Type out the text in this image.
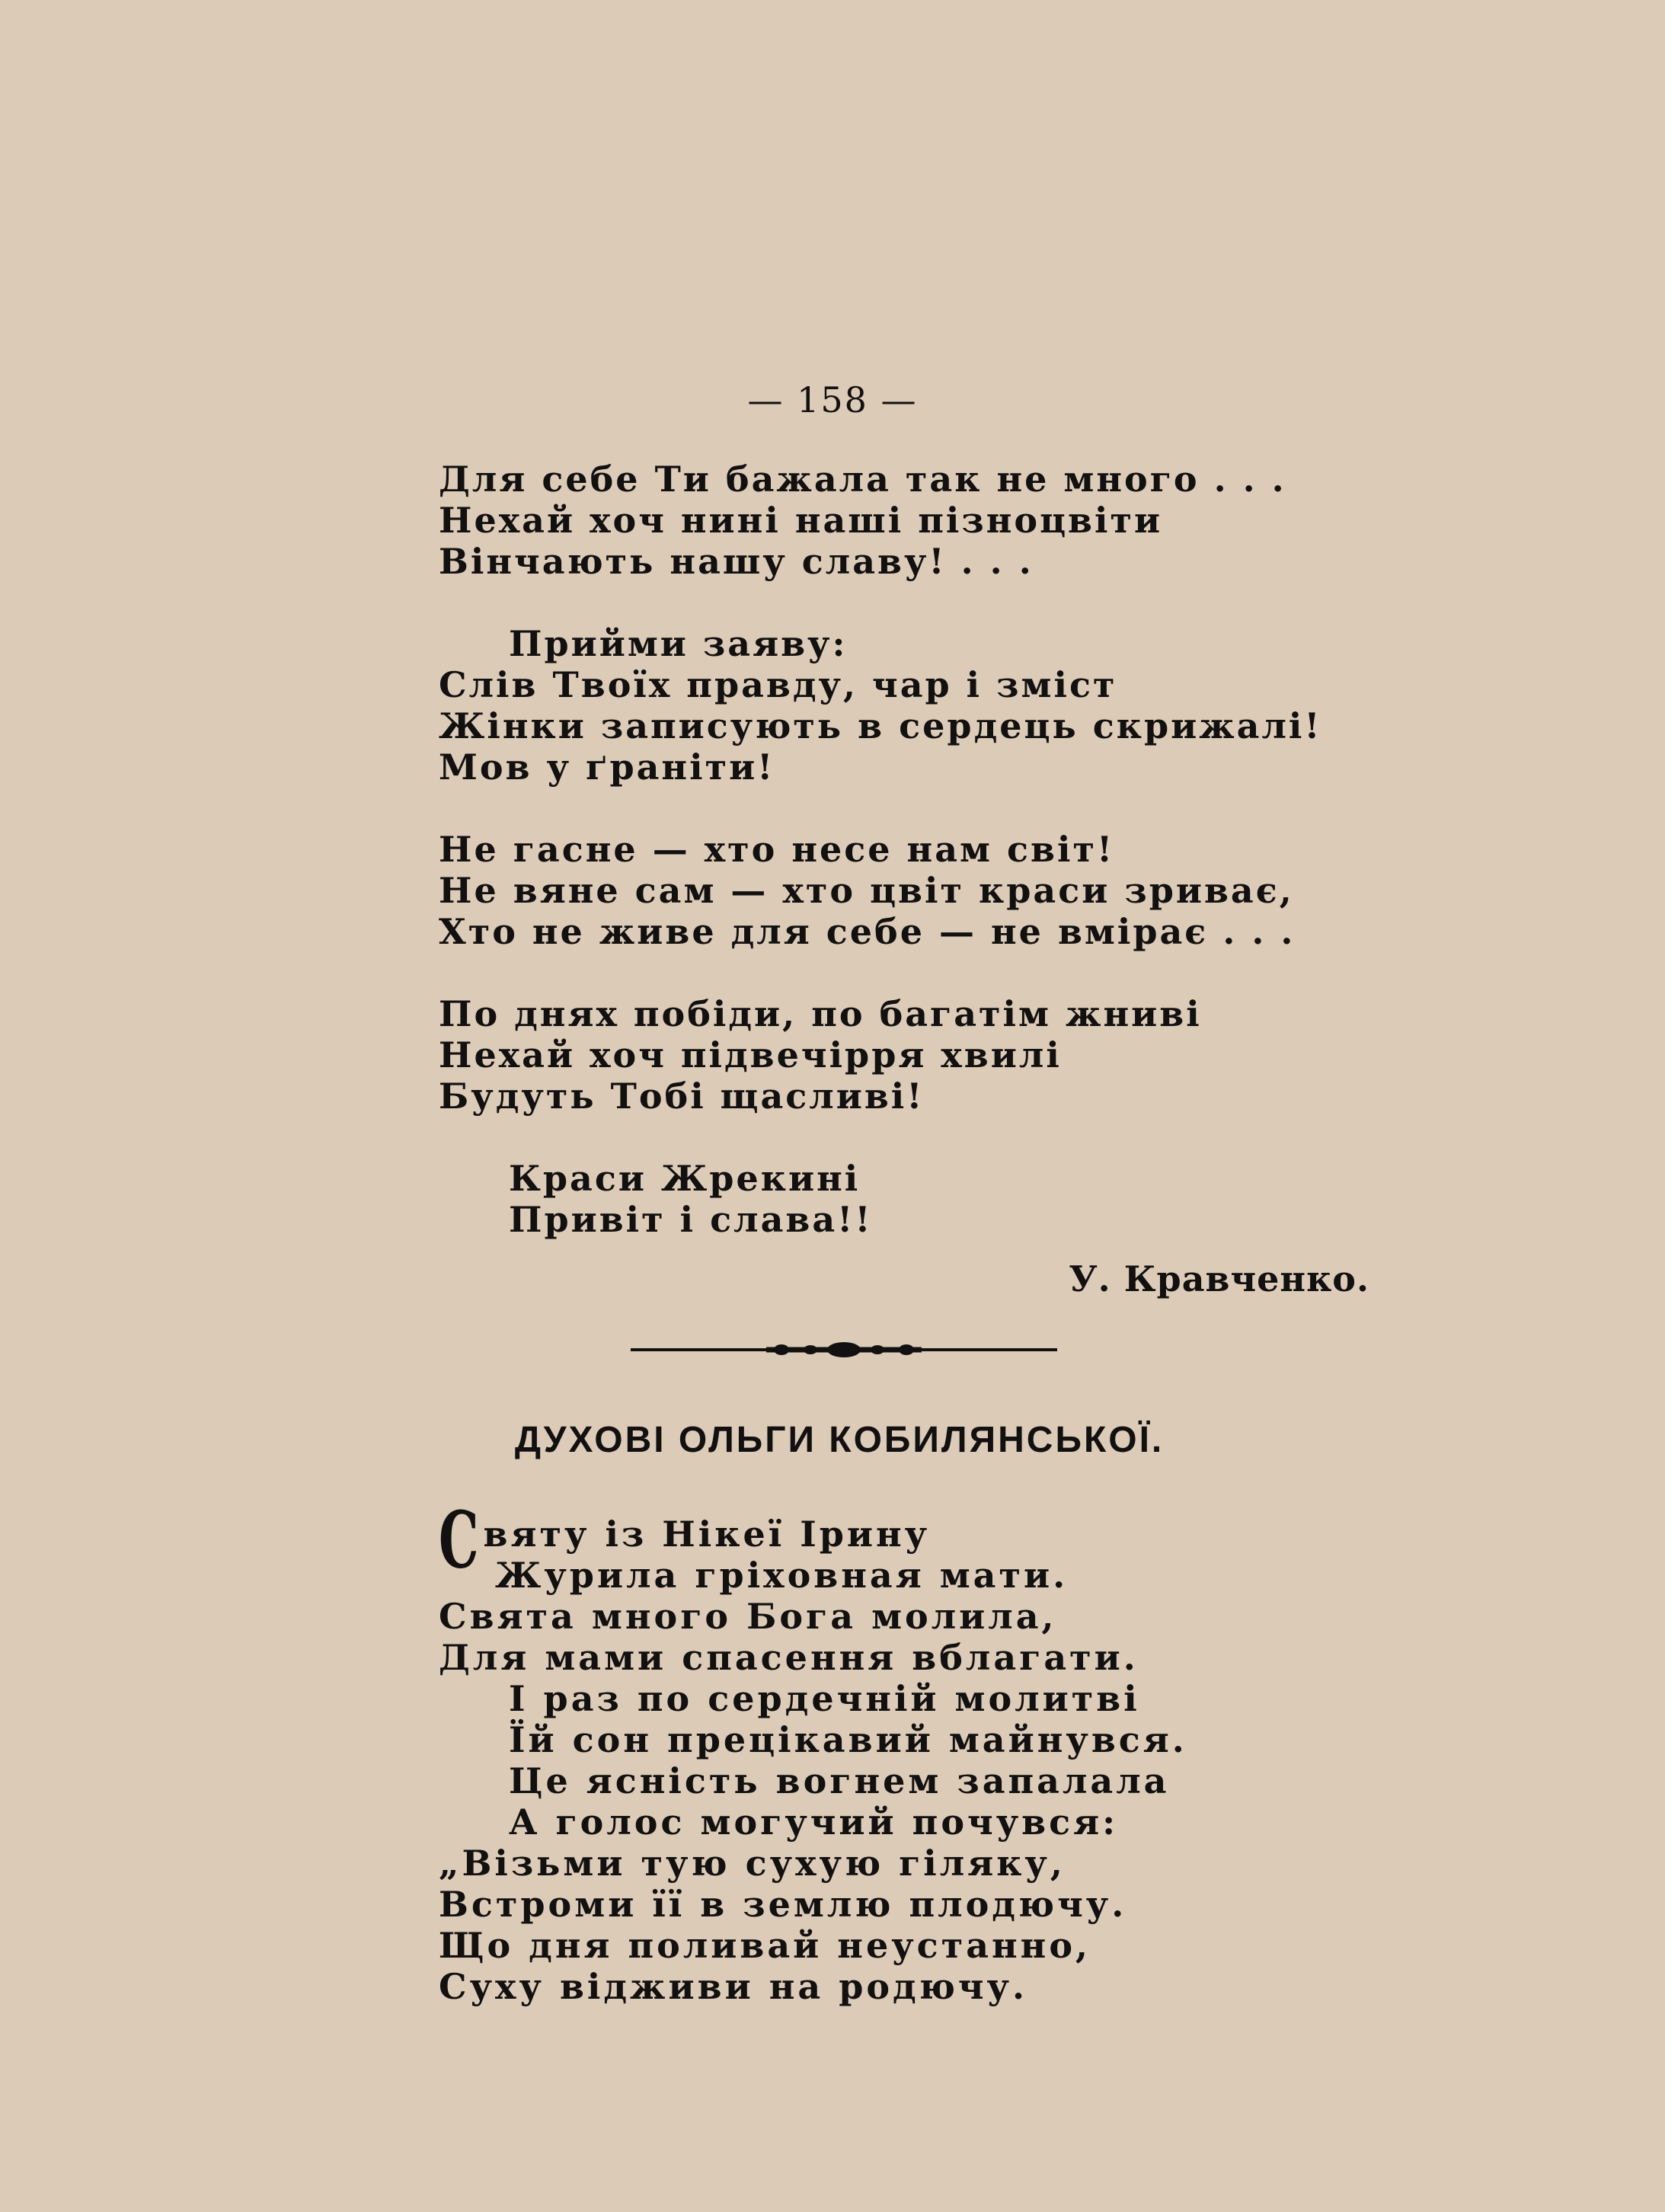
— 158 —
Для себе Ти бажала так не много . . .
Нехай хоч нині наші пізноцвіти
Вінчають нашу славу! . . .
Прийми заяву:
Слів Твоїх правду, чар і зміст
Жінки записують в сердець скрижалі!
Мов у ґраніти!
Не гасне — хто несе нам світ!
Не вяне сам — хто цвіт краси зриває,
Хто не живе для себе — не вмірає . . .
По днях побіди, по багатім жниві
Нехай хоч підвечірря хвилі
Будуть Тобі щасливі!
Краси Жрекині
Привіт і слава!!
У. Кравченко.
ДУХОВІ ОЛЬГИ КОБИЛЯНСЬКОЇ.
Святу із Нікеї Ірину
Журила гріховная мати.
Свята много Бога молила,
Для мами спасення вблагати.
І раз по сердечній молитві
Їй сон прецікавий майнувся.
Це ясність вогнем запалала
А голос могучий почувся:
„Візьми тую сухую гіляку,
Встроми її в землю плодючу.
Що дня поливай неустанно,
Суху відживи на родючу.
